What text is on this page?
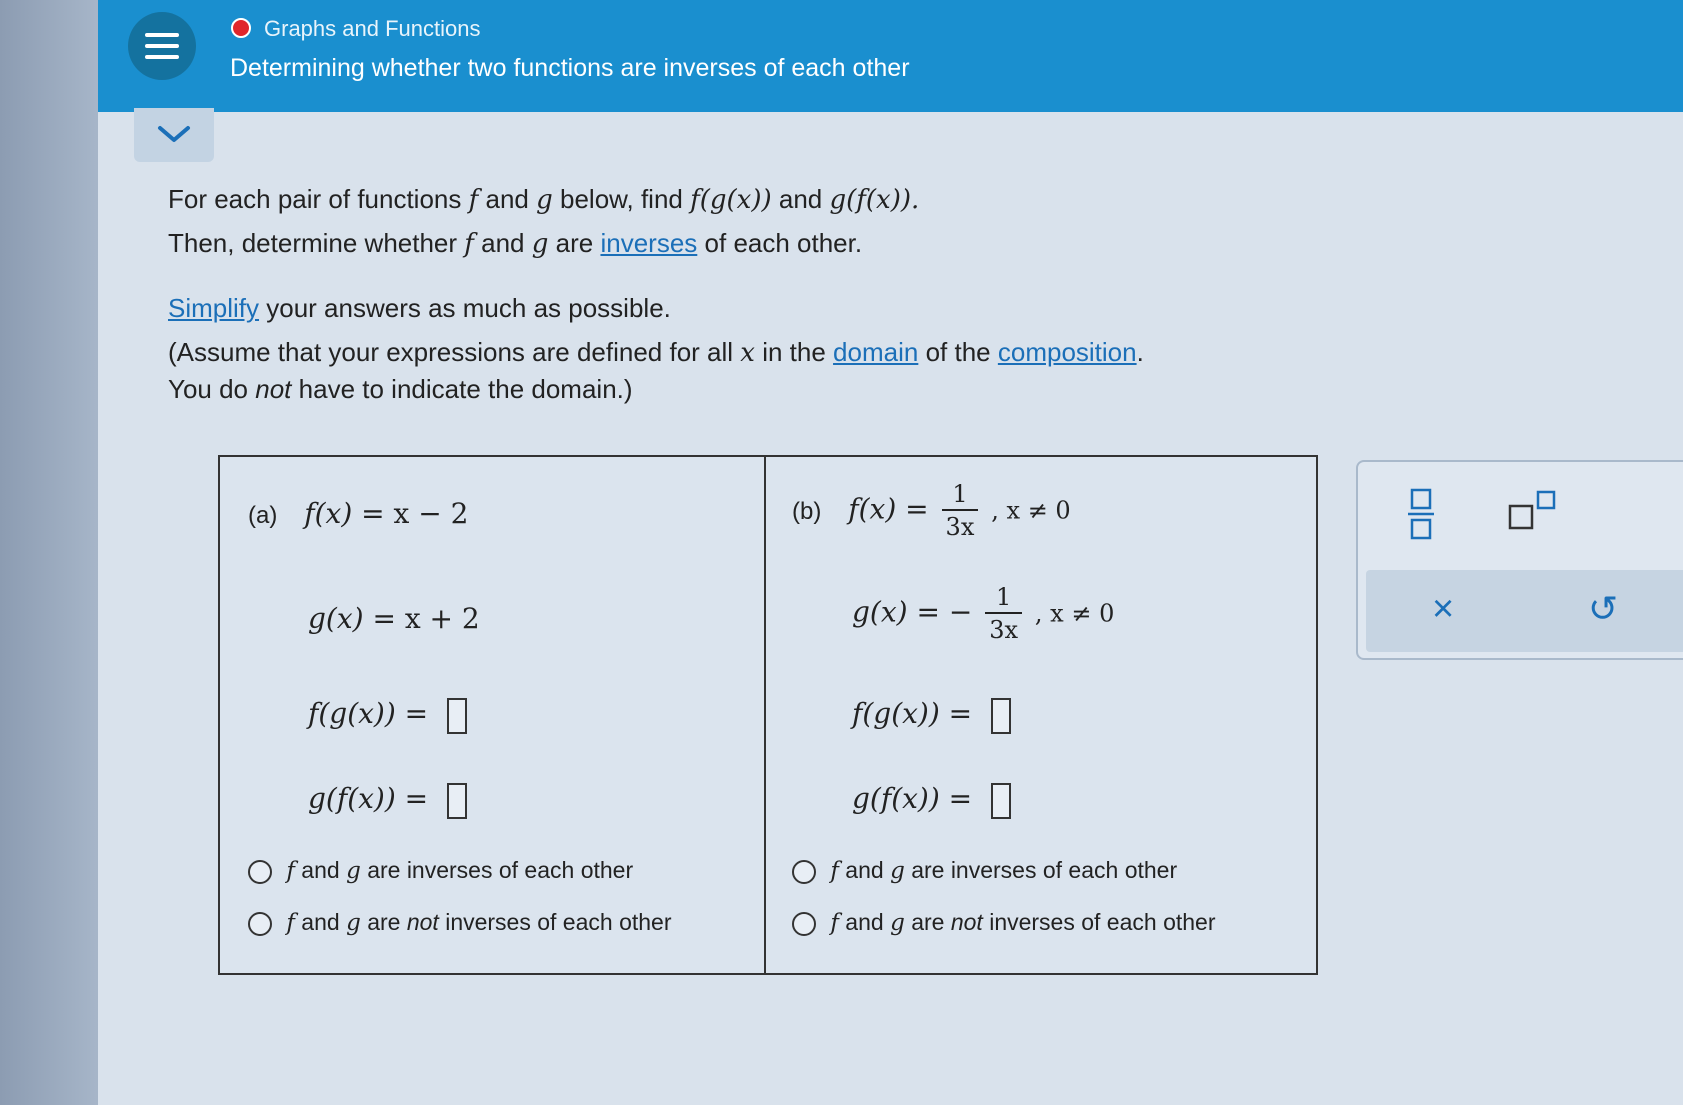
Graphs and Functions
Determining whether two functions are inverses of each other
For each pair of functions f and g below, find f(g(x)) and g(f(x)).
Then, determine whether f and g are inverses of each other.
Simplify your answers as much as possible.
(Assume that your expressions are defined for all x in the domain of the composition.
You do not have to indicate the domain.)
(a) f(x) = x − 2
g(x) = x + 2
f(g(x)) =
g(f(x)) =
f and g are inverses of each other
f and g are not inverses of each other
(b) $f(x) = \frac{1}{3x}$ , x ≠ 0
g(x) = − $\frac{1}{3x}$ , x ≠ 0
f(g(x)) =
g(f(x)) =
f and g are inverses of each other
f and g are not inverses of each other
×	↺
